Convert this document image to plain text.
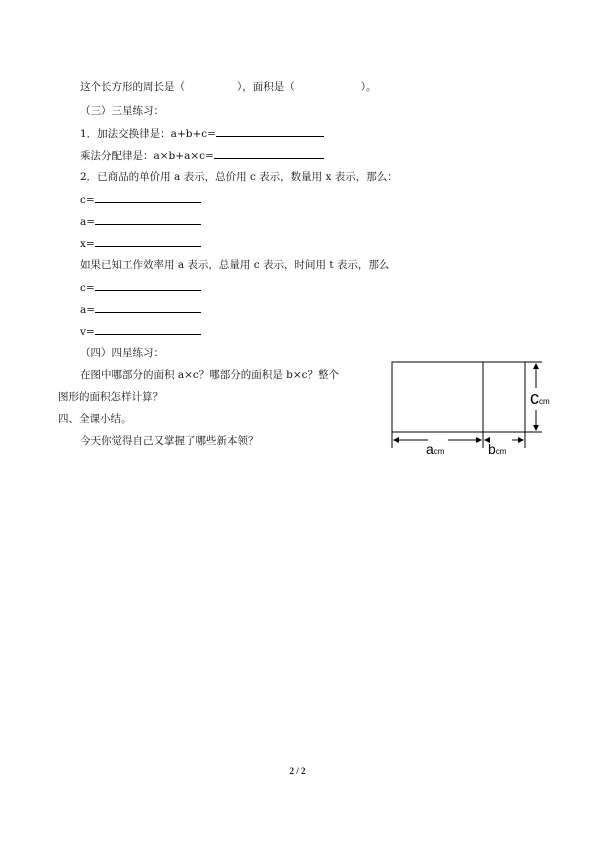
这个长方形的周长是（	），面积是（	）。
（三）三星练习：
1．加法交换律是：a+b+c=
乘法分配律是：a×b+a×c=
2．已商品的单价用 a 表示，总价用 c 表示，数量用 x 表示，那么：
c=
a=
x=
如果已知工作效率用 a 表示，总量用 c 表示，时间用 t 表示，那么
c=
a=
v=
（四）四星练习：
在图中哪部分的面积 a×c？哪部分的面积是 b×c？整个
图形的面积怎样计算？
四、全课小结。
今天你觉得自己又掌握了哪些新本领？	acm	bcm
ccm
2 / 2
